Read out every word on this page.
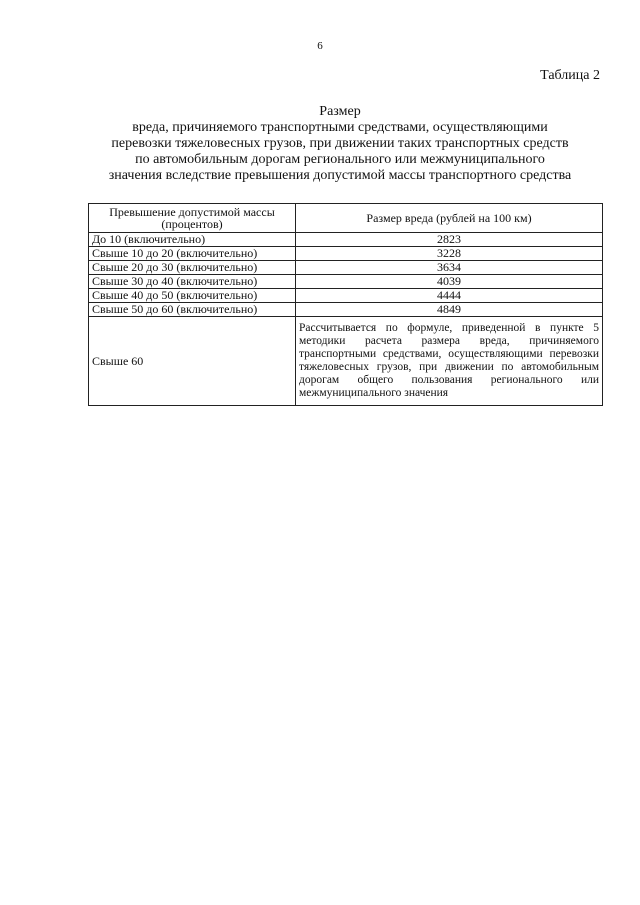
6
Таблица 2
Размер
вреда, причиняемого транспортными средствами, осуществляющими
перевозки тяжеловесных грузов, при движении таких транспортных средств
по автомобильным дорогам регионального или межмуниципального
значения вследствие превышения допустимой массы транспортного средства
Превышение допустимой массы (процентов)	Размер вреда (рублей на 100 км)
До 10 (включительно)	2823
Свыше 10 до 20 (включительно)	3228
Свыше 20 до 30 (включительно)	3634
Свыше 30 до 40 (включительно)	4039
Свыше 40 до 50 (включительно)	4444
Свыше 50 до 60 (включительно)	4849
Свыше 60	Рассчитывается по формуле, приведенной в пункте 5 методики расчета размера вреда, причиняемого транспортными средствами, осуществляющими перевозки тяжеловесных грузов, при движении по автомобильным дорогам общего пользования регионального или межмуниципального значения
